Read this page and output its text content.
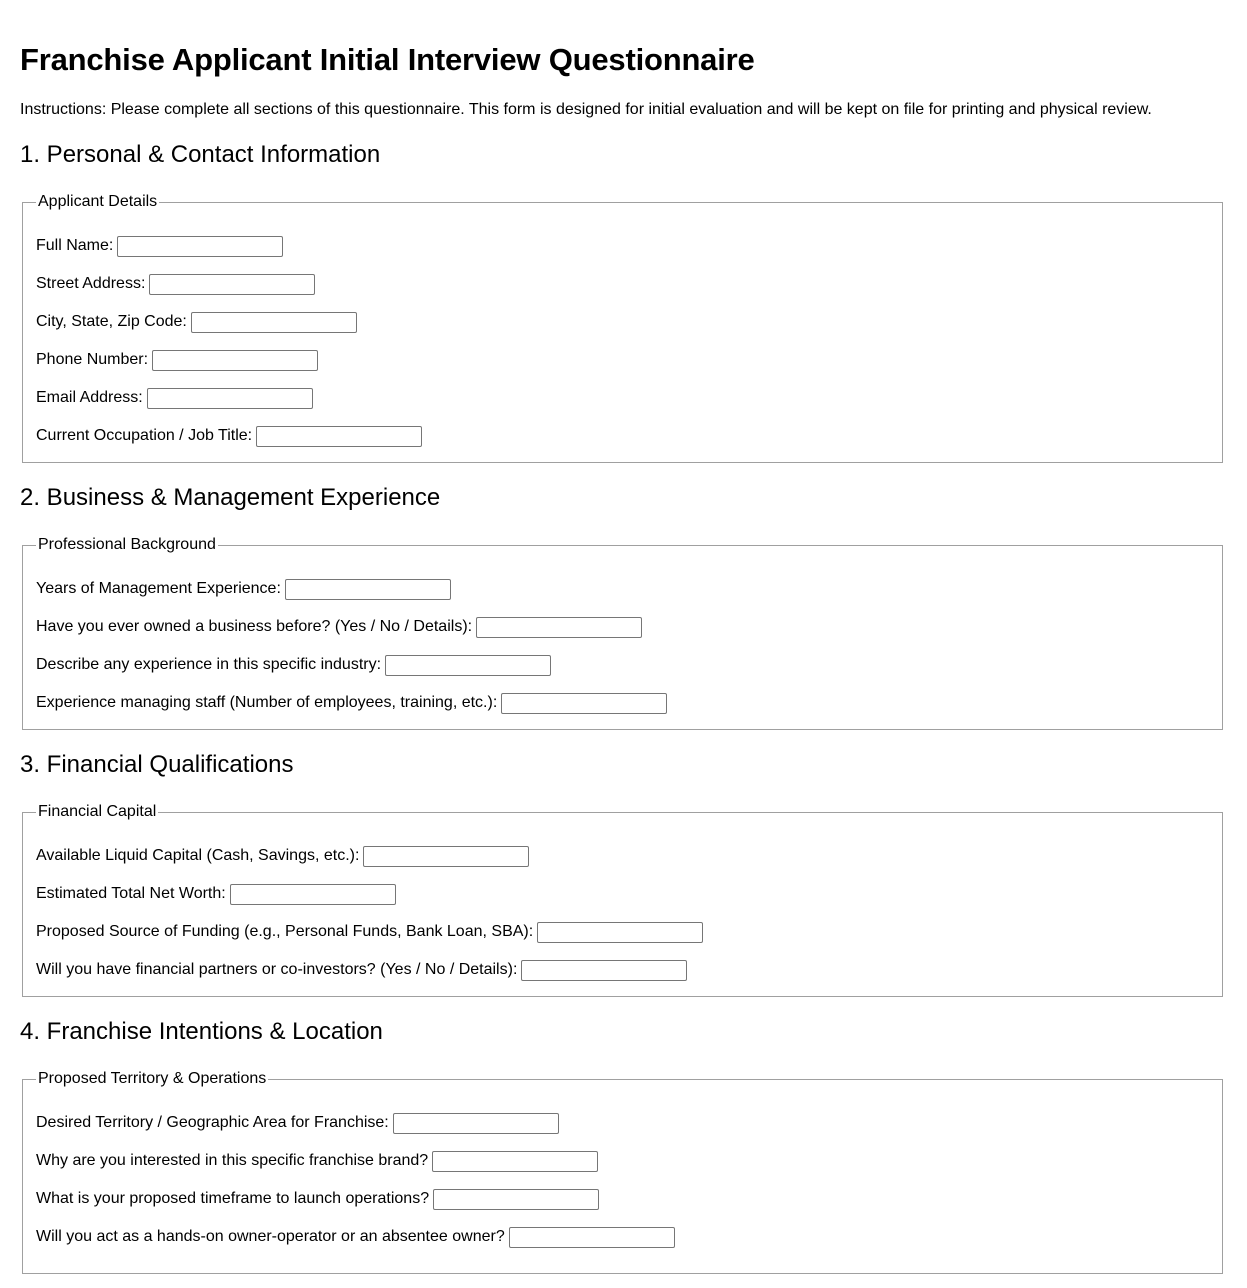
Franchise Applicant Initial Interview Questionnaire

Instructions: Please complete all sections of this questionnaire. This form is designed for initial evaluation and will be kept on file for printing and physical review.

1. Personal & Contact Information
Applicant Details
Full Name:
Street Address:
City, State, Zip Code:
Phone Number:
Email Address:
Current Occupation / Job Title:
2. Business & Management Experience
Professional Background
Years of Management Experience:
Have you ever owned a business before? (Yes / No / Details):
Describe any experience in this specific industry:
Experience managing staff (Number of employees, training, etc.):
3. Financial Qualifications
Financial Capital
Available Liquid Capital (Cash, Savings, etc.):
Estimated Total Net Worth:
Proposed Source of Funding (e.g., Personal Funds, Bank Loan, SBA):
Will you have financial partners or co-investors? (Yes / No / Details):
4. Franchise Intentions & Location
Proposed Territory & Operations
Desired Territory / Geographic Area for Franchise:
Why are you interested in this specific franchise brand?
What is your proposed timeframe to launch operations?
Will you act as a hands-on owner-operator or an absentee owner?
